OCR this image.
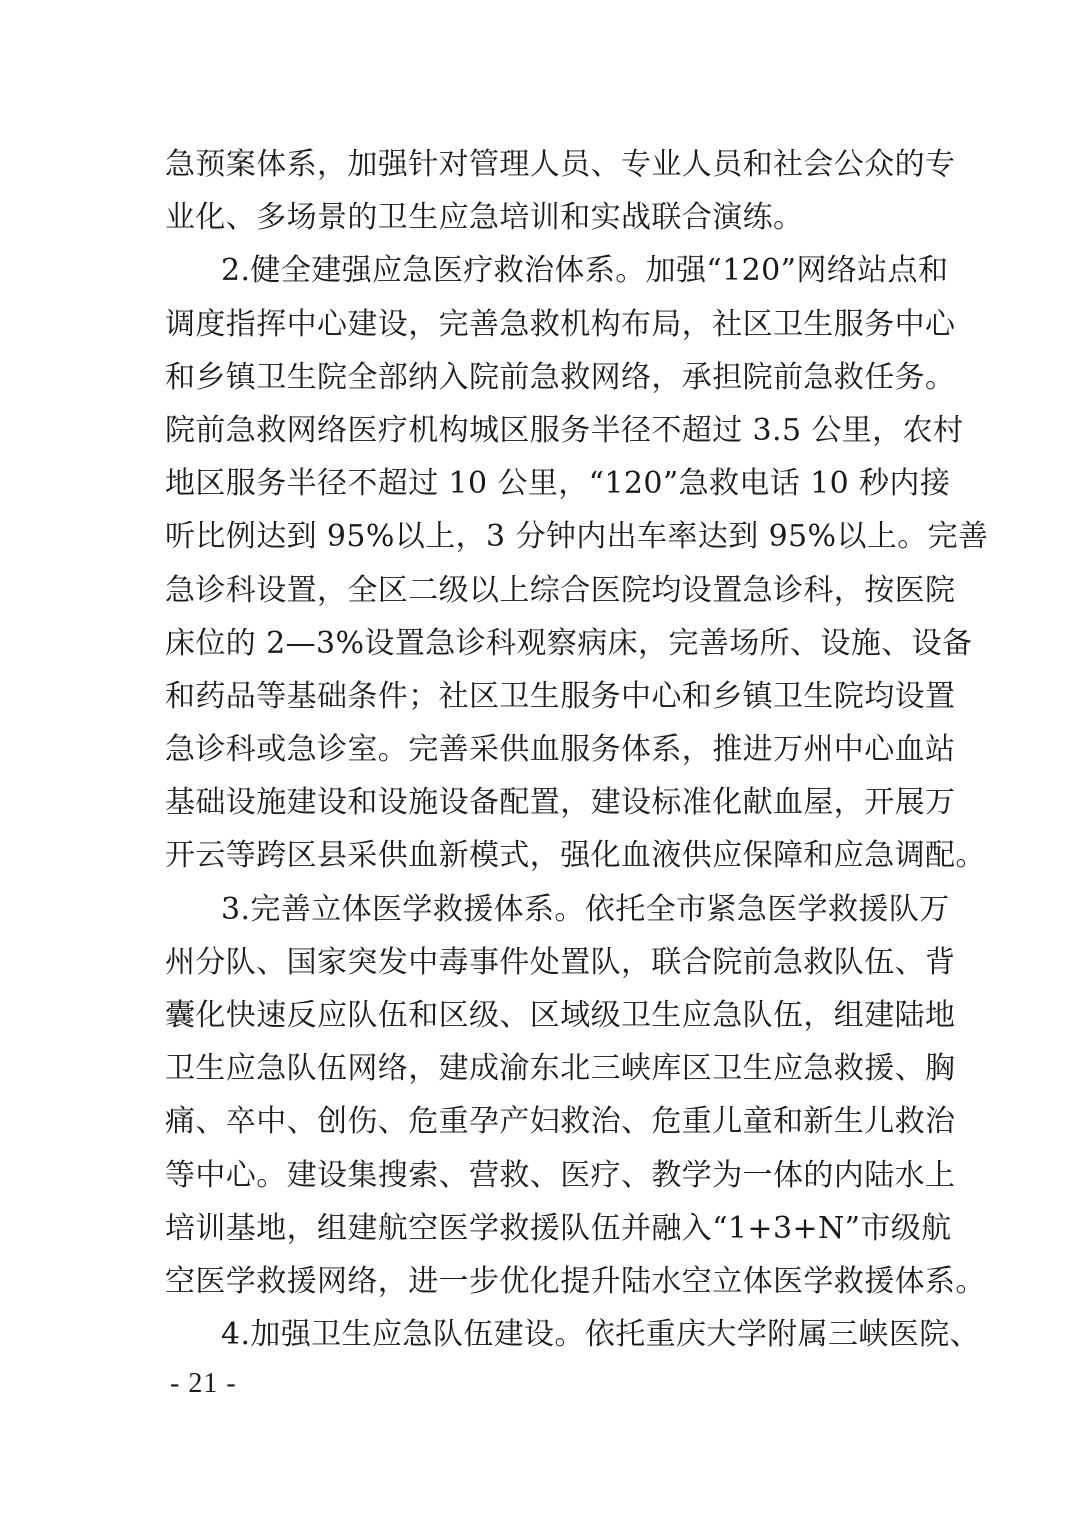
急预案体系，加强针对管理人员、专业人员和社会公众的专
业化、多场景的卫生应急培训和实战联合演练。
2.健全建强应急医疗救治体系。加强“120”网络站点和
调度指挥中心建设，完善急救机构布局，社区卫生服务中心
和乡镇卫生院全部纳入院前急救网络，承担院前急救任务。
院前急救网络医疗机构城区服务半径不超过 3.5 公里，农村
地区服务半径不超过 10 公里，“120”急救电话 10 秒内接
听比例达到 95%以上，3 分钟内出车率达到 95%以上。完善
急诊科设置，全区二级以上综合医院均设置急诊科，按医院
床位的 2—3%设置急诊科观察病床，完善场所、设施、设备
和药品等基础条件；社区卫生服务中心和乡镇卫生院均设置
急诊科或急诊室。完善采供血服务体系，推进万州中心血站
基础设施建设和设施设备配置，建设标准化献血屋，开展万
开云等跨区县采供血新模式，强化血液供应保障和应急调配。
3.完善立体医学救援体系。依托全市紧急医学救援队万
州分队、国家突发中毒事件处置队，联合院前急救队伍、背
囊化快速反应队伍和区级、区域级卫生应急队伍，组建陆地
卫生应急队伍网络，建成渝东北三峡库区卫生应急救援、胸
痛、卒中、创伤、危重孕产妇救治、危重儿童和新生儿救治
等中心。建设集搜索、营救、医疗、教学为一体的内陆水上
培训基地，组建航空医学救援队伍并融入“1+3+N”市级航
空医学救援网络，进一步优化提升陆水空立体医学救援体系。
4.加强卫生应急队伍建设。依托重庆大学附属三峡医院、
- 21 -
